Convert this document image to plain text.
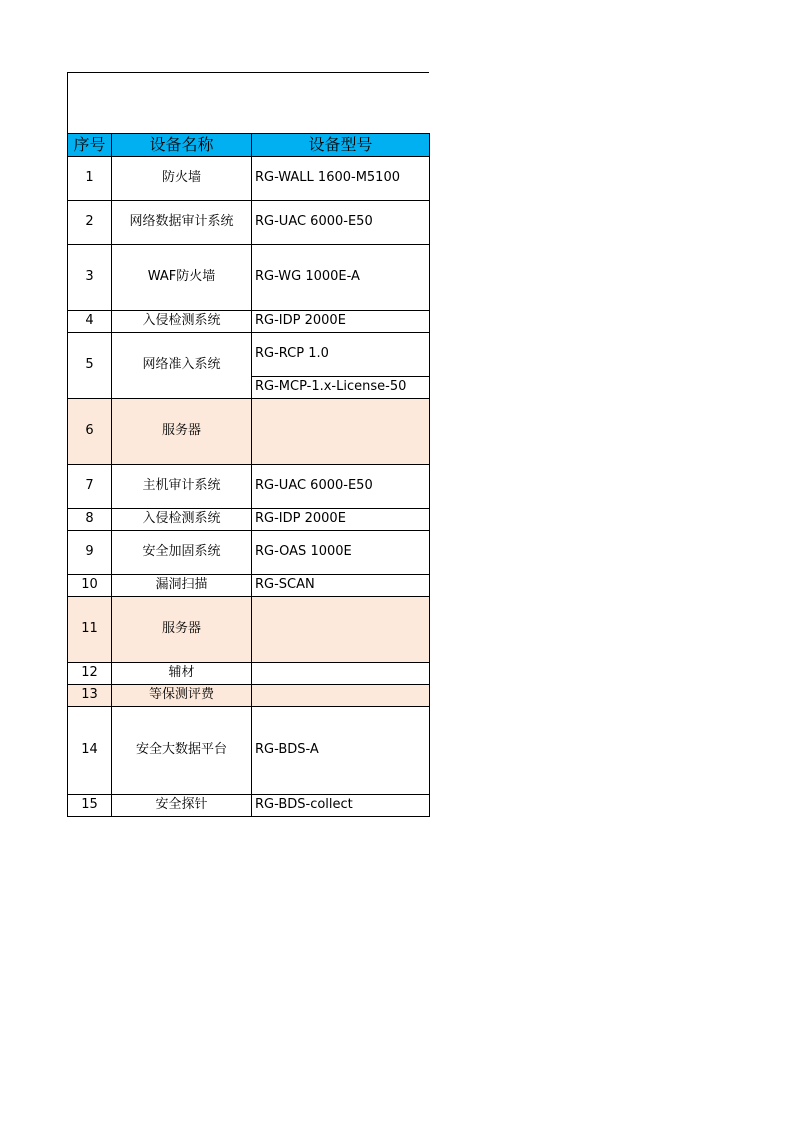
序号	设备名称	设备型号
1	防火墙	RG-WALL 1600-M5100
2	网络数据审计系统	RG-UAC 6000-E50
3	WAF防火墙	RG-WG 1000E-A
4	入侵检测系统	RG-IDP 2000E
5	网络准入系统	RG-RCP 1.0
		RG-MCP-1.x-License-50
6	服务器	
7	主机审计系统	RG-UAC 6000-E50
8	入侵检测系统	RG-IDP 2000E
9	安全加固系统	RG-OAS 1000E
10	漏洞扫描	RG-SCAN
11	服务器	
12	辅材	
13	等保测评费	
14	安全大数据平台	RG-BDS-A
15	安全探针	RG-BDS-collect
